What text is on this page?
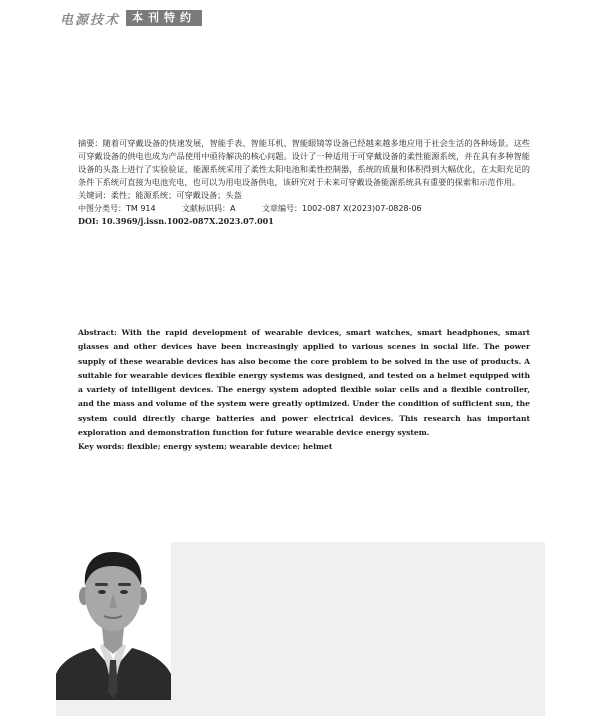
电源技术	本刊特约

摘要：随着可穿戴设备的快速发展，智能手表、智能耳机、智能眼镜等设备已经越来越多地应用于社会生活的各种场景。这些可穿戴设备的供电也成为产品使用中亟待解决的核心问题。设计了一种适用于可穿戴设备的柔性能源系统，并在具有多种智能设备的头盔上进行了实验验证，能源系统采用了柔性太阳电池和柔性控制器，系统的质量和体积得到大幅优化，在太阳充足的条件下系统可直接为电池充电，也可以为用电设备供电，该研究对于未来可穿戴设备能源系统具有重要的探索和示范作用。

关键词：柔性；能源系统；可穿戴设备；头盔

中图分类号：TM 914	文献标识码：A	文章编号：1002-087 X(2023)07-0828-06

DOI: 10.3969/j.issn.1002-087X.2023.07.001

Abstract: With the rapid development of wearable devices, smart watches, smart headphones, smart glasses and other devices have been increasingly applied to various scenes in social life. The power supply of these wearable devices has also become the core problem to be solved in the use of products. A suitable for wearable devices flexible energy systems was designed, and tested on a helmet equipped with a variety of intelligent devices. The energy system adopted flexible solar cells and a flexible controller, and the mass and volume of the system were greatly optimized. Under the condition of sufficient sun, the system could directly charge batteries and power electrical devices. This research has important exploration and demonstration function for future wearable device energy system.

Key words: flexible; energy system; wearable device; helmet
